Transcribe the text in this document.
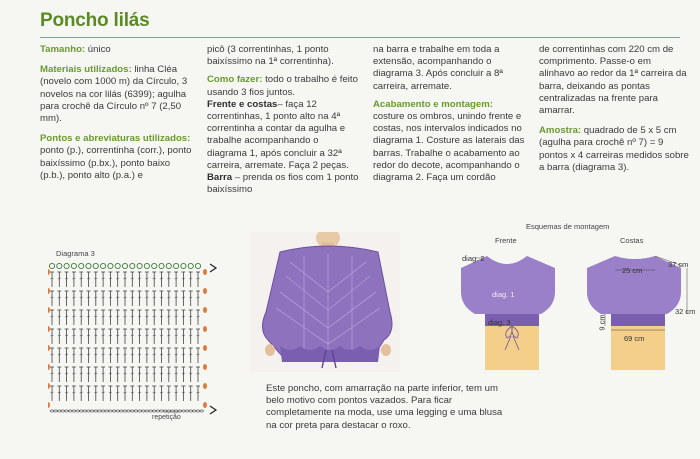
Poncho lilás

Tamanho: único

Materiais utilizados: linha Cléa (novelo com 1000 m) da Círculo, 3 novelos na cor lilás (6399); agulha para crochê da Círculo nº 7 (2,50 mm).

Pontos e abreviaturas utilizados: ponto (p.), correntinha (corr.), ponto baixíssimo (p.bx.), ponto baixo (p.b.), ponto alto (p.a.) e

picô (3 correntinhas, 1 ponto baixíssimo na 1ª correntinha).

Como fazer: todo o trabalho é feito usando 3 fios juntos.
Frente e costas– faça 12 correntinhas, 1 ponto alto na 4ª correntinha a contar da agulha e trabalhe acompanhando o diagrama 1, após concluir a 32ª carreira, arremate. Faça 2 peças. Barra – prenda os fios com 1 ponto baixíssimo

na barra e trabalhe em toda a extensão, acompanhando o diagrama 3. Após concluir a 8ª carreira, arremate.

Acabamento e montagem: costure os ombros, unindo frente e costas, nos intervalos indicados no diagrama 1. Costure as laterais das barras. Trabalhe o acabamento ao redor do decote, acompanhando o diagrama 2. Faça um cordão

de correntinhas com 220 cm de comprimento. Passe-o em alinhavo ao redor da 1ª carreira da barra, deixando as pontas centralizadas na frente para amarrar.

Amostra: quadrado de 5 x 5 cm (agulha para crochê nº 7) = 9 pontos x 4 carreiras medidos sobre a barra (diagrama 3).

Diagrama 3
repetição
Este poncho, com amarração na parte inferior, tem um belo motivo com pontos vazados. Para ficar completamente na moda, use uma legging e uma blusa na cor preta para destacar o roxo.
Esquemas de montagem
Frente	Costas
diag. 2
diag. 1
diag. 3
25 cm
37 cm
32 cm
9 cm
69 cm
